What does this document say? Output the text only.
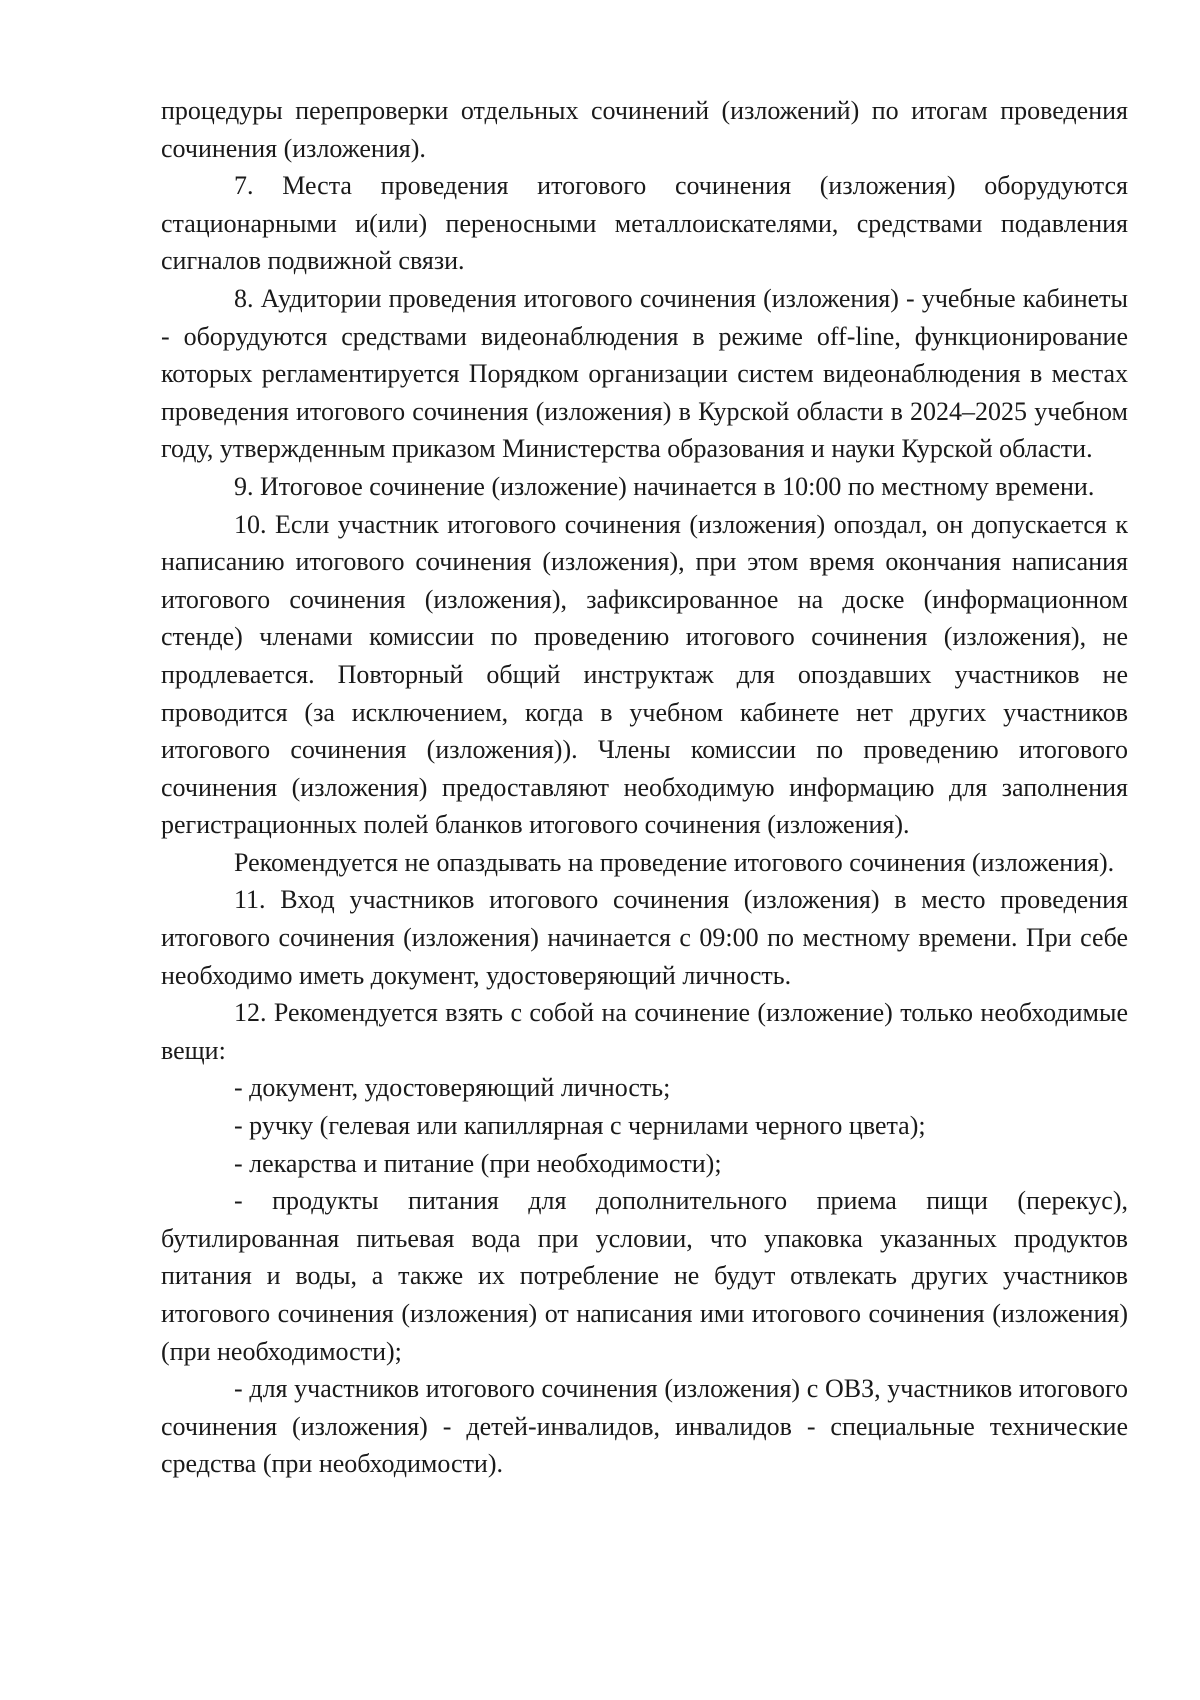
процедуры перепроверки отдельных сочинений (изложений) по итогам проведения сочинения (изложения).

7. Места проведения итогового сочинения (изложения) оборудуются стационарными и(или) переносными металлоискателями, средствами подавления сигналов подвижной связи.

8. Аудитории проведения итогового сочинения (изложения) - учебные кабинеты - оборудуются средствами видеонаблюдения в режиме off-line, функционирование которых регламентируется Порядком организации систем видеонаблюдения в местах проведения итогового сочинения (изложения) в Курской области в 2024–2025 учебном году, утвержденным приказом Министерства образования и науки Курской области.

9. Итоговое сочинение (изложение) начинается в 10:00 по местному времени.

10. Если участник итогового сочинения (изложения) опоздал, он допускается к написанию итогового сочинения (изложения), при этом время окончания написания итогового сочинения (изложения), зафиксированное на доске (информационном стенде) членами комиссии по проведению итогового сочинения (изложения), не продлевается. Повторный общий инструктаж для опоздавших участников не проводится (за исключением, когда в учебном кабинете нет других участников итогового сочинения (изложения)). Члены комиссии по проведению итогового сочинения (изложения) предоставляют необходимую информацию для заполнения регистрационных полей бланков итогового сочинения (изложения).

Рекомендуется не опаздывать на проведение итогового сочинения (изложения).

11. Вход участников итогового сочинения (изложения) в место проведения итогового сочинения (изложения) начинается с 09:00 по местному времени. При себе необходимо иметь документ, удостоверяющий личность.

12. Рекомендуется взять с собой на сочинение (изложение) только необходимые вещи:

- документ, удостоверяющий личность;

- ручку (гелевая или капиллярная с чернилами черного цвета);

- лекарства и питание (при необходимости);

- продукты питания для дополнительного приема пищи (перекус), бутилированная питьевая вода при условии, что упаковка указанных продуктов питания и воды, а также их потребление не будут отвлекать других участников итогового сочинения (изложения) от написания ими итогового сочинения (изложения) (при необходимости);

- для участников итогового сочинения (изложения) с ОВЗ, участников итогового сочинения (изложения) - детей-инвалидов, инвалидов - специальные технические средства (при необходимости).
